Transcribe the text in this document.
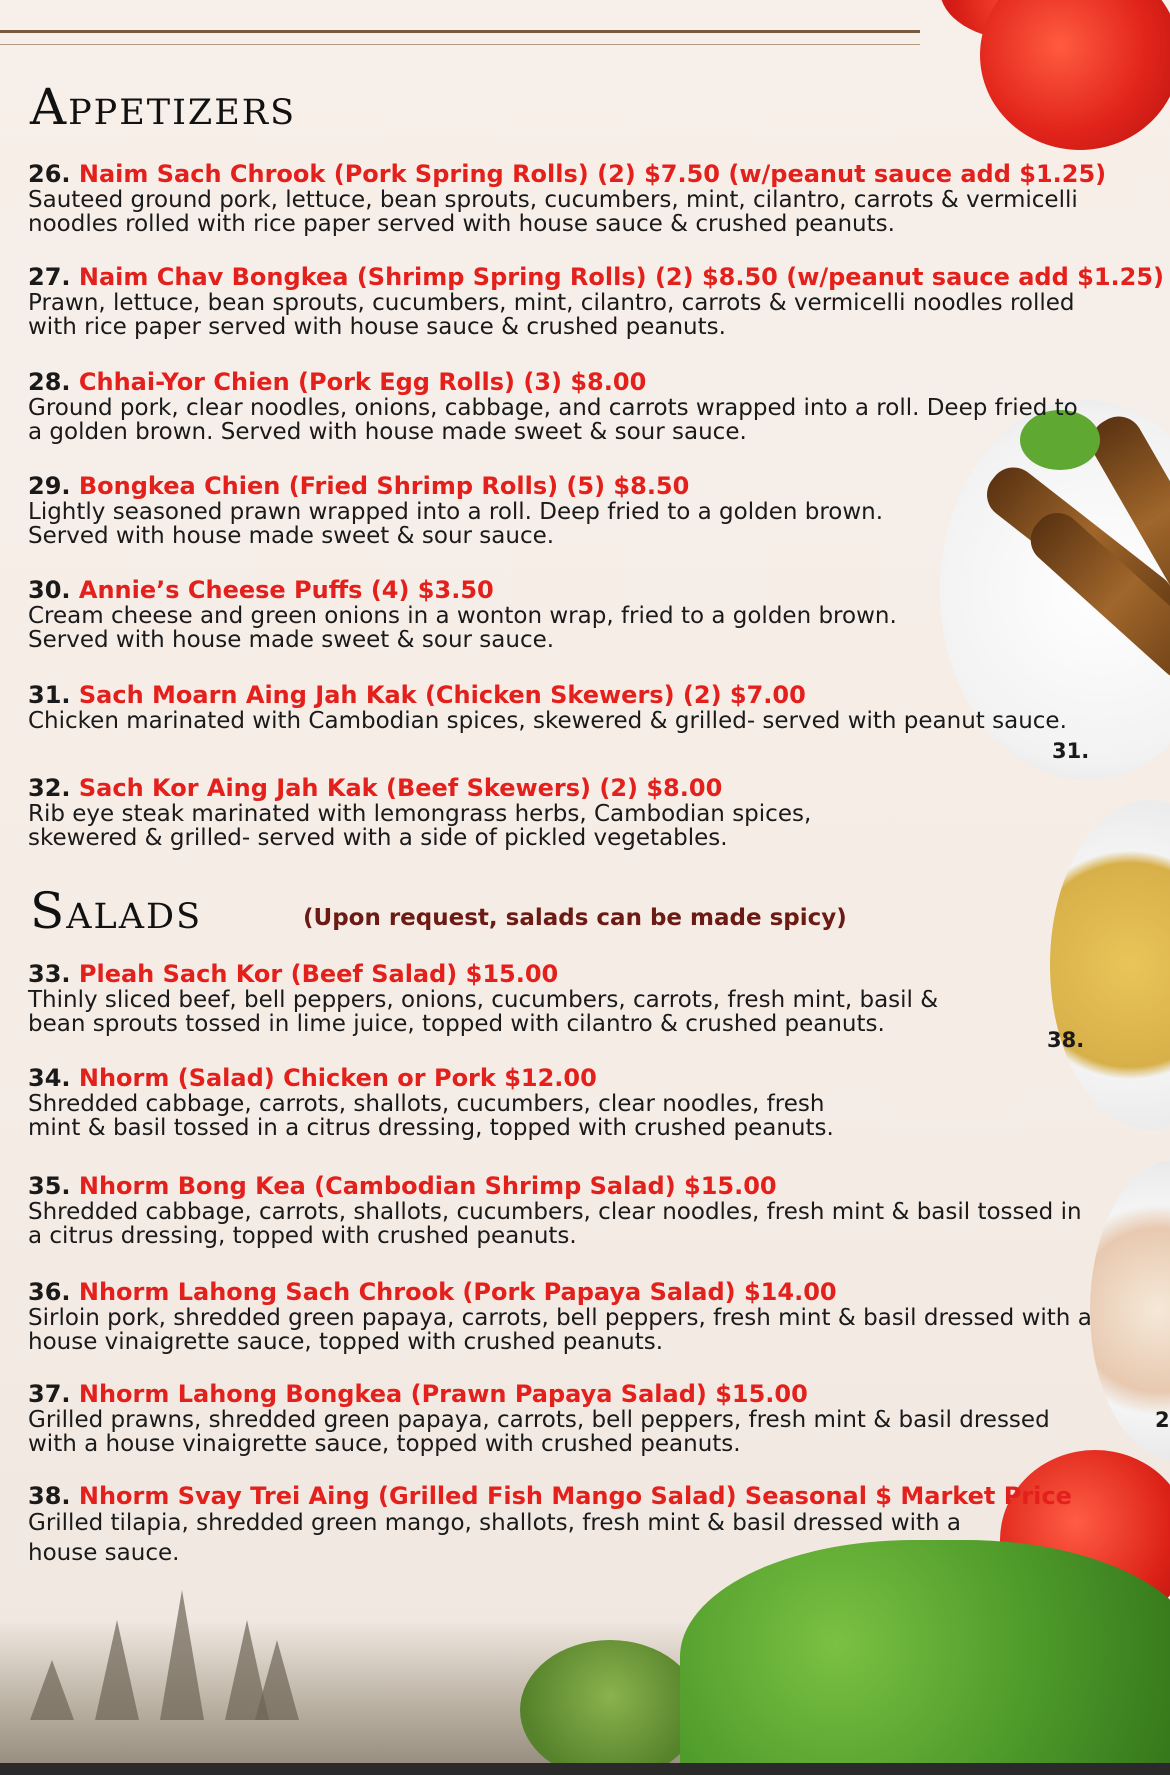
Appetizers
26. Naim Sach Chrook (Pork Spring Rolls) (2) $7.50 (w/peanut sauce add $1.25)
Sauteed ground pork, lettuce, bean sprouts, cucumbers, mint, cilantro, carrots & vermicelli noodles rolled with rice paper served with house sauce & crushed peanuts.
27. Naim Chav Bongkea (Shrimp Spring Rolls) (2) $8.50 (w/peanut sauce add $1.25)
Prawn, lettuce, bean sprouts, cucumbers, mint, cilantro, carrots & vermicelli noodles rolled with rice paper served with house sauce & crushed peanuts.
28. Chhai-Yor Chien (Pork Egg Rolls) (3) $8.00
Ground pork, clear noodles, onions, cabbage, and carrots wrapped into a roll. Deep fried to a golden brown. Served with house made sweet & sour sauce.
29. Bongkea Chien (Fried Shrimp Rolls) (5) $8.50
Lightly seasoned prawn wrapped into a roll. Deep fried to a golden brown. Served with house made sweet & sour sauce.
30. Annie’s Cheese Puffs (4) $3.50
Cream cheese and green onions in a wonton wrap, fried to a golden brown. Served with house made sweet & sour sauce.
31. Sach Moarn Aing Jah Kak (Chicken Skewers) (2) $7.00
Chicken marinated with Cambodian spices, skewered & grilled- served with peanut sauce.
31.
32. Sach Kor Aing Jah Kak (Beef Skewers) (2) $8.00
Rib eye steak marinated with lemongrass herbs, Cambodian spices, skewered & grilled- served with a side of pickled vegetables.
Salads	(Upon request, salads can be made spicy)
33. Pleah Sach Kor (Beef Salad) $15.00
Thinly sliced beef, bell peppers, onions, cucumbers, carrots, fresh mint, basil & bean sprouts tossed in lime juice, topped with cilantro & crushed peanuts.
38.
34. Nhorm (Salad) Chicken or Pork $12.00
Shredded cabbage, carrots, shallots, cucumbers, clear noodles, fresh mint & basil tossed in a citrus dressing, topped with crushed peanuts.
35. Nhorm Bong Kea (Cambodian Shrimp Salad) $15.00
Shredded cabbage, carrots, shallots, cucumbers, clear noodles, fresh mint & basil tossed in a citrus dressing, topped with crushed peanuts.
36. Nhorm Lahong Sach Chrook (Pork Papaya Salad) $14.00
Sirloin pork, shredded green papaya, carrots, bell peppers, fresh mint & basil dressed with a house vinaigrette sauce, topped with crushed peanuts.
37. Nhorm Lahong Bongkea (Prawn Papaya Salad) $15.00
Grilled prawns, shredded green papaya, carrots, bell peppers, fresh mint & basil dressed with a house vinaigrette sauce, topped with crushed peanuts.
2
38. Nhorm Svay Trei Aing (Grilled Fish Mango Salad) Seasonal $ Market Price
Grilled tilapia, shredded green mango, shallots, fresh mint & basil dressed with a house sauce.
